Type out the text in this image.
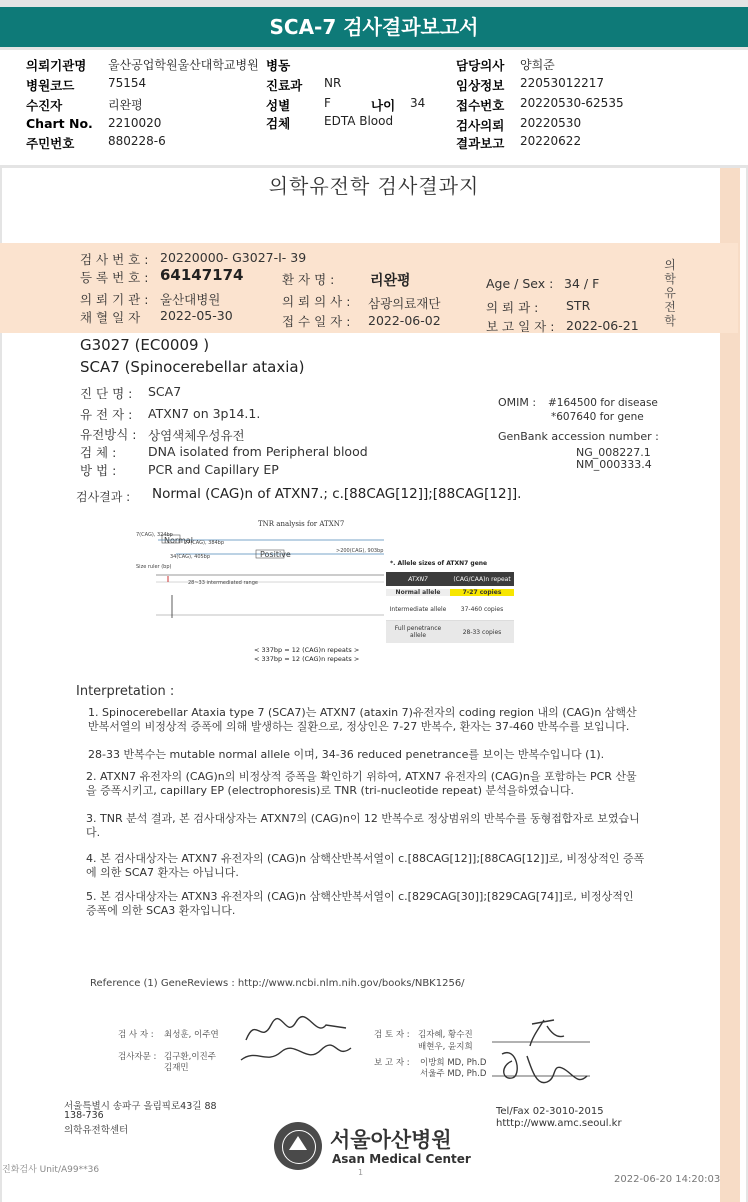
SCA-7 검사결과보고서
의뢰기관명 울산공업학원울산대학교병원 병동	담당의사 양희준
병원코드	75154	진료과 NR	임상정보 22053012217
수진자	리완평	성별	F	나이 34 접수번호 20220530-62535
Chart No. 2210020	검체	EDTA Blood	검사의뢰 20220530
주민번호	880228-6	결과보고 20220622
의학유전학 검사결과지
검 사 번 호 : 20220000- G3027-I- 39
등 록 번 호 : 64147174	환 자 명 :	리완평	Age / Sex : 34 / F
의 뢰 기 관 : 울산대병원	의 뢰 의 사 : 삼광의료재단	의 뢰 과 : STR
채 혈 일 자 2022-05-30	접 수 일 자 : 2022-06-02	보 고 일 자 : 2022-06-21
의학유전학
G3027 (EC0009 )
SCA7 (Spinocerebellar ataxia)
진 단 명 : SCA7
유 전 자 : ATXN7 on 3p14.1.
유전방식 : 상염색체우성유전
검 체 :	DNA isolated from Peripheral blood
방 법 :	PCR and Capillary EP
OMIM : #164500 for disease
*607640 for gene
GenBank accession number :
NG_008227.1
NM_000333.4
검사결과 : Normal (CAG)n of ATXN7.; c.[88CAG[12]];[88CAG[12]].
TNR analysis for ATXN7
Normal
Positive
7(CAG), 324bp
27(CAG), 384bp
34(CAG), 405bp
>200(CAG), 903bp
Size ruler (bp)
28~33 intermediated range
< 337bp = 12 (CAG)n repeats >
< 337bp = 12 (CAG)n repeats >
*. Allele sizes of ATXN7 gene
ATXN7	(CAG/CAA)n repeat
Normal allele	7-27 copies
Intermediate allele	37-460 copies
Full penetrance allele	28-33 copies
Interpretation :
1. Spinocerebellar Ataxia type 7 (SCA7)는 ATXN7 (ataxin 7)유전자의 coding region 내의 (CAG)n 삼핵산 반복서열의 비정상적 증폭에 의해 발생하는 질환으로, 정상인은 7-27 반복수, 환자는 37-460 반복수를 보입니다.
28-33 반복수는 mutable normal allele 이며, 34-36 reduced penetrance를 보이는 반복수입니다 (1).
2. ATXN7 유전자의 (CAG)n의 비정상적 증폭을 확인하기 위하여, ATXN7 유전자의 (CAG)n을 포함하는 PCR 산물을 증폭시키고, capillary EP (electrophoresis)로 TNR (tri-nucleotide repeat) 분석을하였습니다.
3. TNR 분석 결과, 본 검사대상자는 ATXN7의 (CAG)n이 12 반복수로 정상범위의 반복수를 동형접합자로 보였습니다.
4. 본 검사대상자는 ATXN7 유전자의 (CAG)n 삼핵산반복서열이 c.[88CAG[12]];[88CAG[12]]로, 비정상적인 증폭에 의한 SCA7 환자는 아닙니다.
5. 본 검사대상자는 ATXN3 유전자의 (CAG)n 삼핵산반복서열이 c.[829CAG[30]];[829CAG[74]]로, 비정상적인 증폭에 의한 SCA3 환자입니다.
Reference (1) GeneReviews : http://www.ncbi.nlm.nih.gov/books/NBK1256/
검 사 자 : 최성훈, 이주연
검사자문 : 김구환,이진주
김재민
검 토 자 : 김자혜, 황수진
배현우, 윤지희
보 고 자 : 이방희 MD, Ph.D
서울주 MD, Ph.D
서울특별시 송파구 올림픽로43길 88
138-736
의학유전학센터	서울아산병원
Asan Medical Center
Tel/Fax 02-3010-2015
htttp://www.amc.seoul.kr
진화검사 Unit/A99**36	1
2022-06-20 14:20:03
